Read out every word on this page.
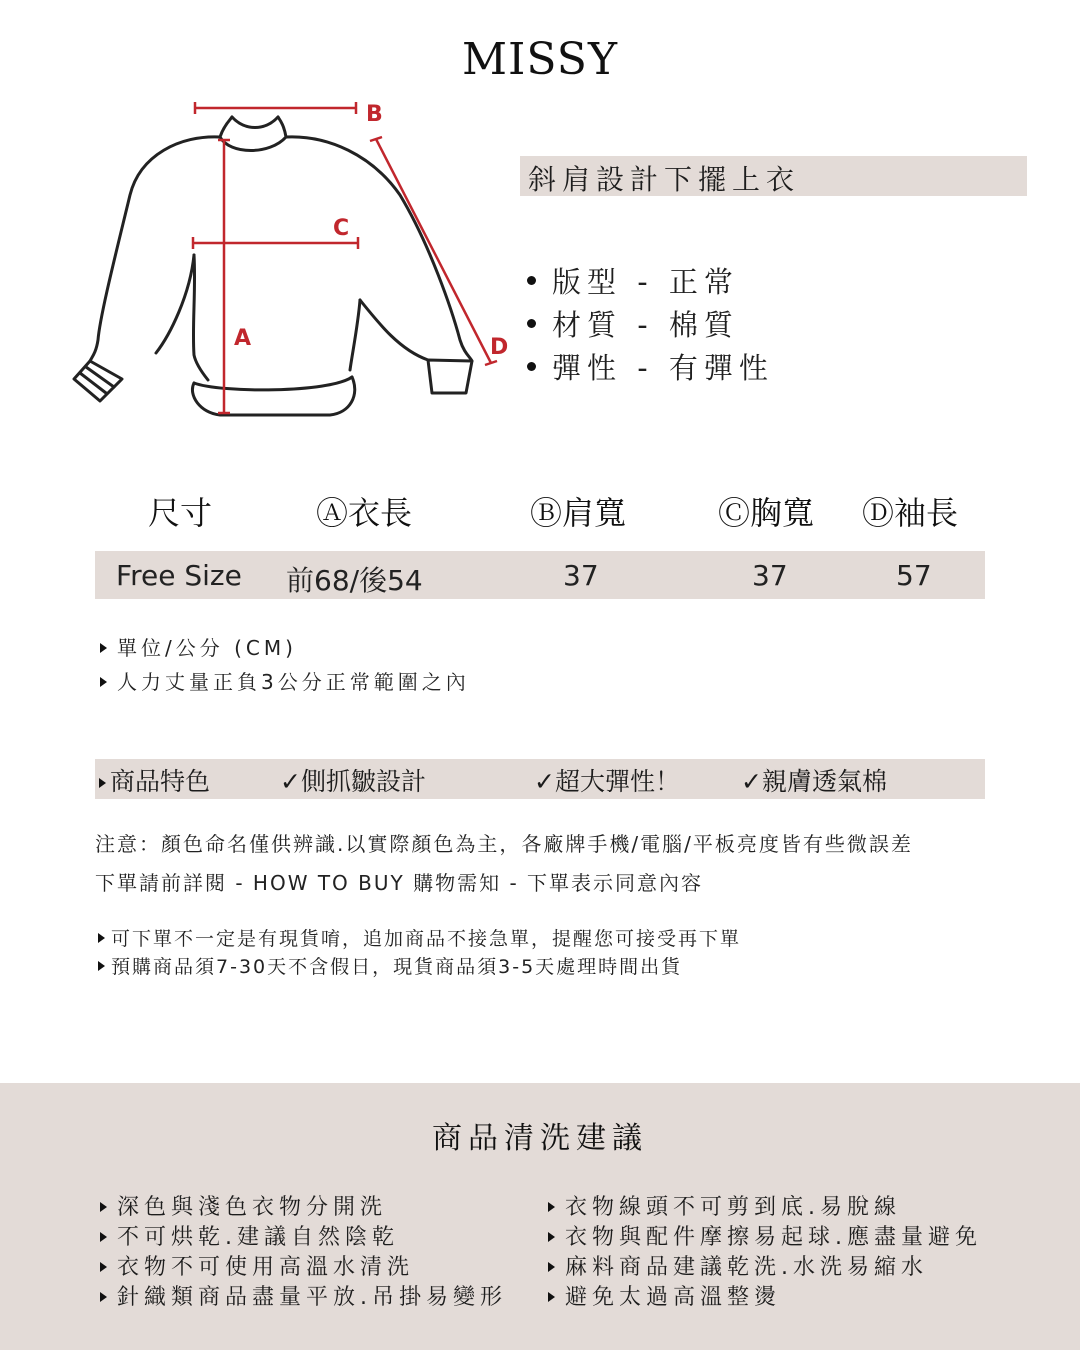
MISSY
B
C
A	D
斜肩設計下擺上衣
版型 - 正常
材質 - 棉質
彈性 - 有彈性
尺寸	Ⓐ衣長	Ⓑ肩寬	Ⓒ胸寬 Ⓓ袖長
Free Size 前68/後54	37	37	57
單位/公分 (CM)
人力丈量正負3公分正常範圍之內
商品特色	✓側抓皺設計	✓超大彈性！ ✓親膚透氣棉
注意：顏色命名僅供辨識.以實際顏色為主，各廠牌手機/電腦/平板亮度皆有些微誤差
下單請前詳閱 - HOW TO BUY 購物需知 - 下單表示同意內容
可下單不一定是有現貨唷，追加商品不接急單，提醒您可接受再下單
預購商品須7-30天不含假日，現貨商品須3-5天處理時間出貨
商品清洗建議
深色與淺色衣物分開洗
不可烘乾.建議自然陰乾
衣物不可使用高溫水清洗
針織類商品盡量平放.吊掛易變形
衣物線頭不可剪到底.易脫線
衣物與配件摩擦易起球.應盡量避免
麻料商品建議乾洗.水洗易縮水
避免太過高溫整燙
